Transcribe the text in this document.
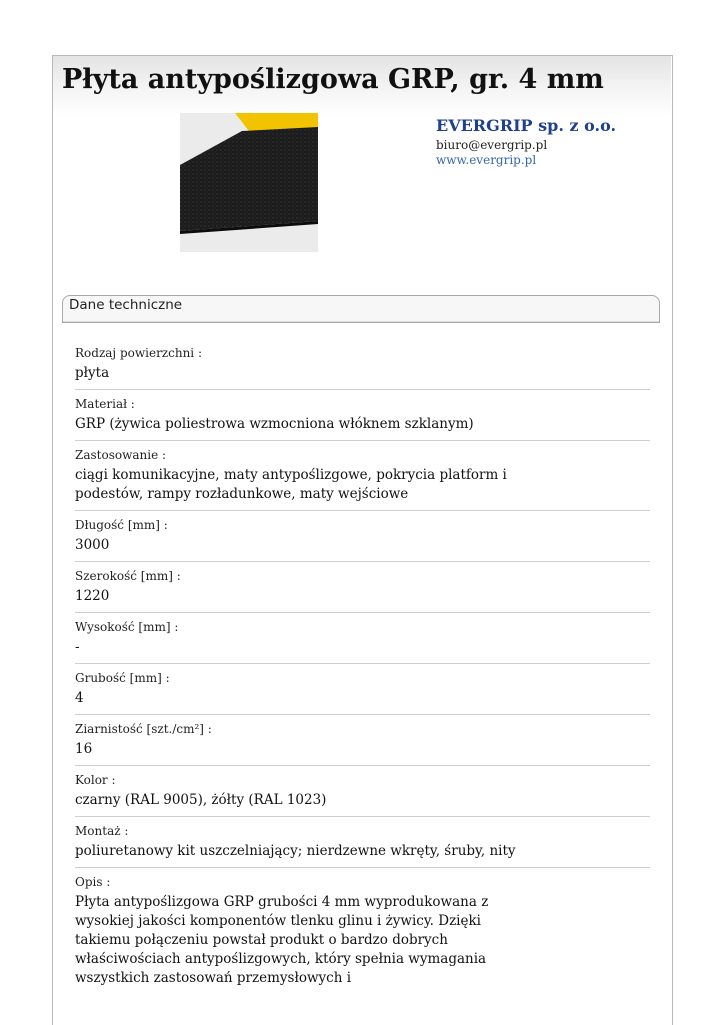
Płyta antypoślizgowa GRP, gr. 4 mm
EVERGRIP sp. z o.o.
biuro@evergrip.pl
www.evergrip.pl
Dane techniczne
Rodzaj powierzchni :
płyta
Materiał :
GRP (żywica poliestrowa wzmocniona włóknem szklanym)
Zastosowanie :
ciągi komunikacyjne, maty antypoślizgowe, pokrycia platform i podestów, rampy rozładunkowe, maty wejściowe
Długość [mm] :
3000
Szerokość [mm] :
1220
Wysokość [mm] :
-
Grubość [mm] :
4
Ziarnistość [szt./cm²] :
16
Kolor :
czarny (RAL 9005), żółty (RAL 1023)
Montaż :
poliuretanowy kit uszczelniający; nierdzewne wkręty, śruby, nity
Opis :
Płyta antypoślizgowa GRP grubości 4 mm wyprodukowana z wysokiej jakości komponentów tlenku glinu i żywicy. Dzięki takiemu połączeniu powstał produkt o bardzo dobrych właściwościach antypoślizgowych, który spełnia wymagania wszystkich zastosowań przemysłowych i
